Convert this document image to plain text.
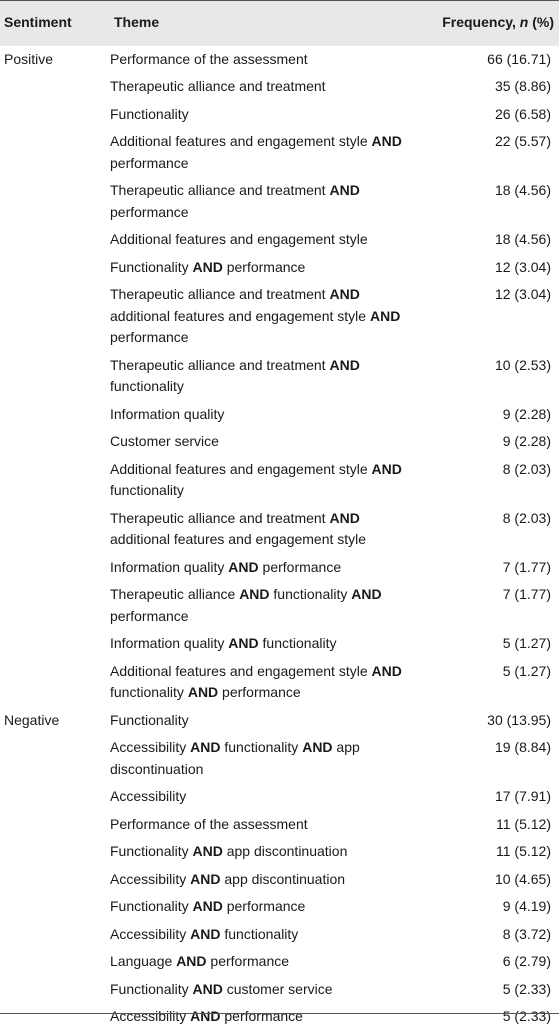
Sentiment	Theme	Frequency, n (%)
Positive	Performance of the assessment	66 (16.71)
	Therapeutic alliance and treatment	35 (8.86)
	Functionality	26 (6.58)
	Additional features and engagement style AND performance	22 (5.57)
	Therapeutic alliance and treatment AND performance	18 (4.56)
	Additional features and engagement style	18 (4.56)
	Functionality AND performance	12 (3.04)
	Therapeutic alliance and treatment AND additional features and engagement style AND performance	12 (3.04)
	Therapeutic alliance and treatment AND functionality	10 (2.53)
	Information quality	9 (2.28)
	Customer service	9 (2.28)
	Additional features and engagement style AND functionality	8 (2.03)
	Therapeutic alliance and treatment AND additional features and engagement style	8 (2.03)
	Information quality AND performance	7 (1.77)
	Therapeutic alliance AND functionality AND performance	7 (1.77)
	Information quality AND functionality	5 (1.27)
	Additional features and engagement style AND functionality AND performance	5 (1.27)
Negative	Functionality	30 (13.95)
	Accessibility AND functionality AND app discontinuation	19 (8.84)
	Accessibility	17 (7.91)
	Performance of the assessment	11 (5.12)
	Functionality AND app discontinuation	11 (5.12)
	Accessibility AND app discontinuation	10 (4.65)
	Functionality AND performance	9 (4.19)
	Accessibility AND functionality	8 (3.72)
	Language AND performance	6 (2.79)
	Functionality AND customer service	5 (2.33)
	Accessibility AND performance	5 (2.33)
